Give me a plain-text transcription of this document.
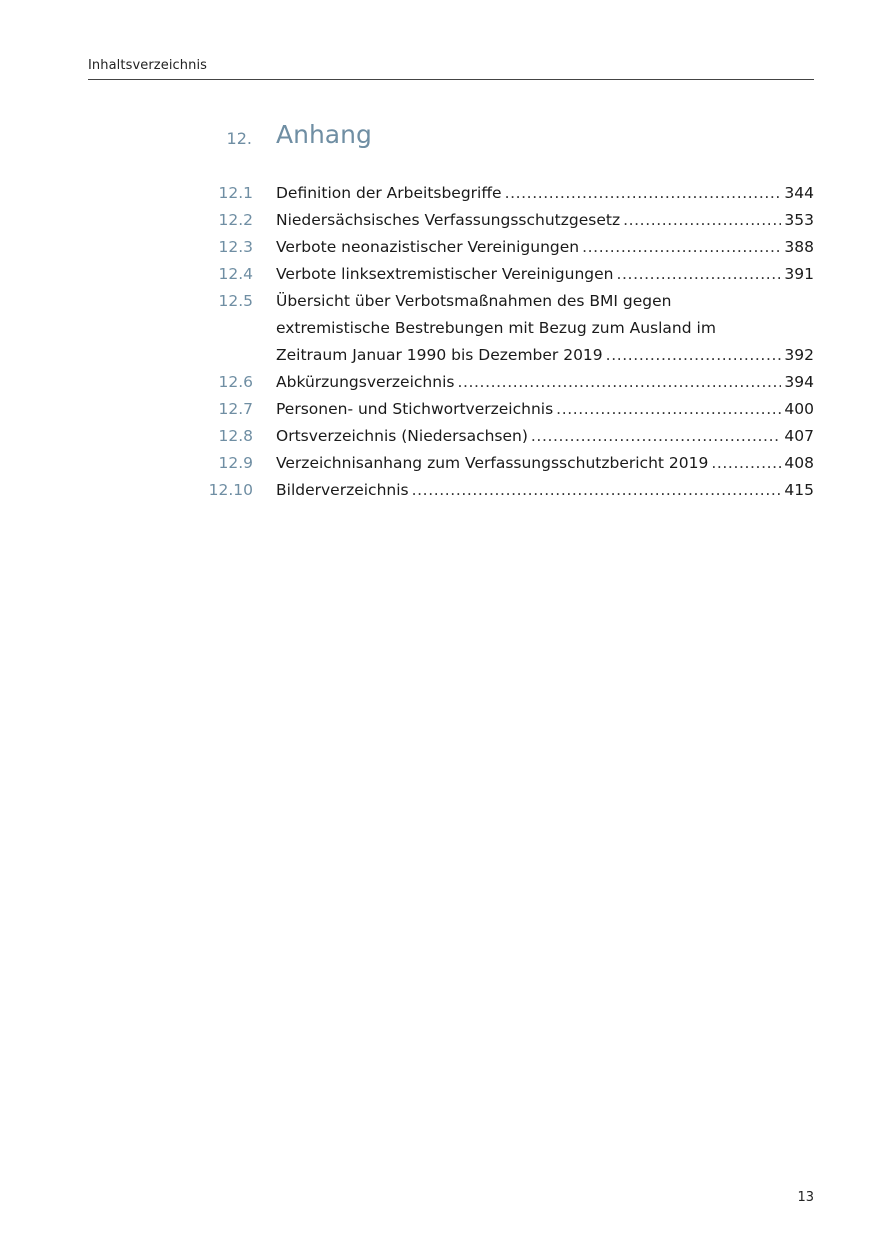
Inhaltsverzeichnis
12. Anhang
12.1 Definition der Arbeitsbegriffe .....	344
12.2 Niedersächsisches Verfassungsschutzgesetz .....	353
12.3 Verbote neonazistischer Vereinigungen .....	388
12.4 Verbote linksextremistischer Vereinigungen .....	391
12.5 Übersicht über Verbotsmaßnahmen des BMI gegen
extremistische Bestrebungen mit Bezug zum Ausland im
Zeitraum Januar 1990 bis Dezember 2019 .....	392
12.6 Abkürzungsverzeichnis .....	394
12.7 Personen- und Stichwortverzeichnis .....	400
12.8 Ortsverzeichnis (Niedersachsen) .....	407
12.9 Verzeichnisanhang zum Verfassungsschutzbericht 2019 .....	408
12.10 Bilderverzeichnis .....	415
13
